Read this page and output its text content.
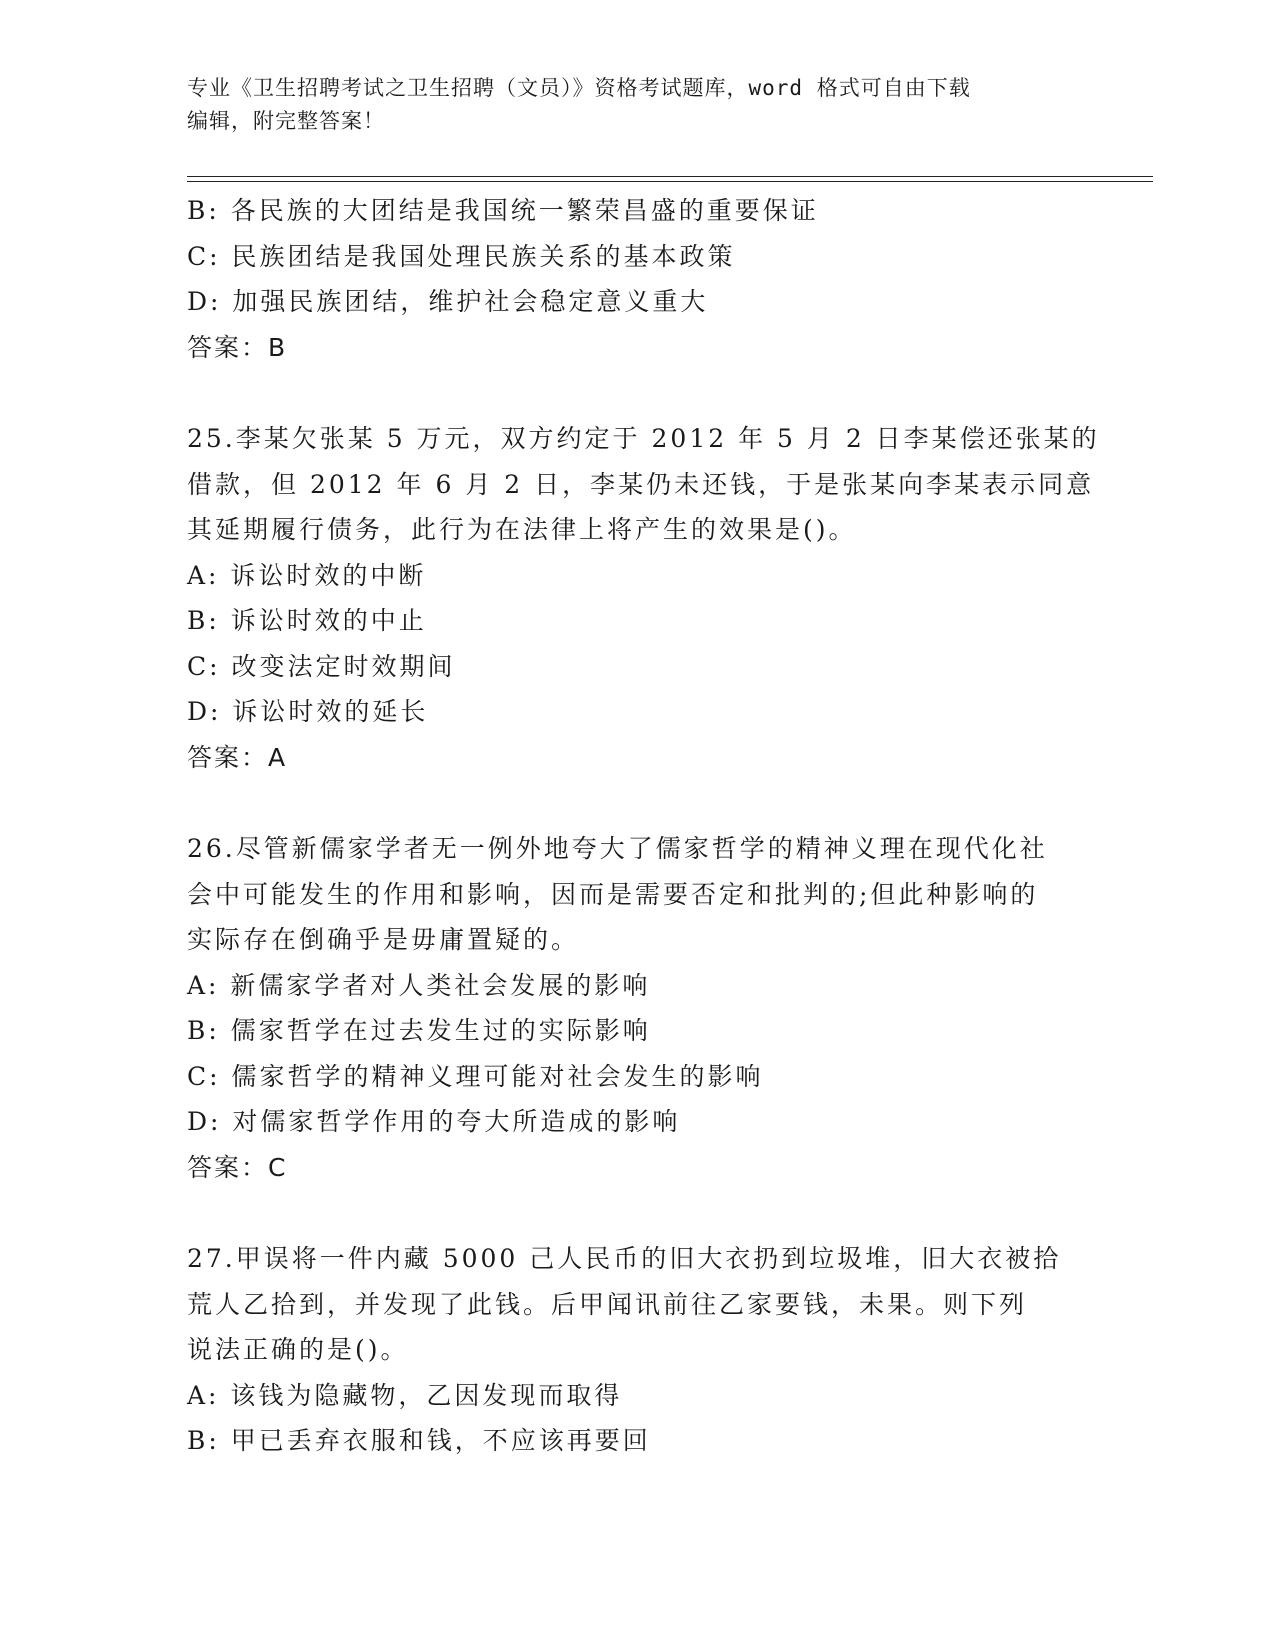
专业《卫生招聘考试之卫生招聘（文员）》资格考试题库，word 格式可自由下载
编辑，附完整答案！
B: 各民族的大团结是我国统一繁荣昌盛的重要保证
C: 民族团结是我国处理民族关系的基本政策
D: 加强民族团结，维护社会稳定意义重大
答案：B
25.李某欠张某 5 万元，双方约定于 2012 年 5 月 2 日李某偿还张某的
借款，但 2012 年 6 月 2 日，李某仍未还钱，于是张某向李某表示同意
其延期履行债务，此行为在法律上将产生的效果是()。
A: 诉讼时效的中断
B: 诉讼时效的中止
C: 改变法定时效期间
D: 诉讼时效的延长
答案：A
26.尽管新儒家学者无一例外地夸大了儒家哲学的精神义理在现代化社
会中可能发生的作用和影响，因而是需要否定和批判的;但此种影响的
实际存在倒确乎是毋庸置疑的。
A: 新儒家学者对人类社会发展的影响
B: 儒家哲学在过去发生过的实际影响
C: 儒家哲学的精神义理可能对社会发生的影响
D: 对儒家哲学作用的夸大所造成的影响
答案：C
27.甲误将一件内藏 5000 己人民币的旧大衣扔到垃圾堆，旧大衣被拾
荒人乙拾到，并发现了此钱。后甲闻讯前往乙家要钱，未果。则下列
说法正确的是()。
A: 该钱为隐藏物，乙因发现而取得
B: 甲已丢弃衣服和钱，不应该再要回
